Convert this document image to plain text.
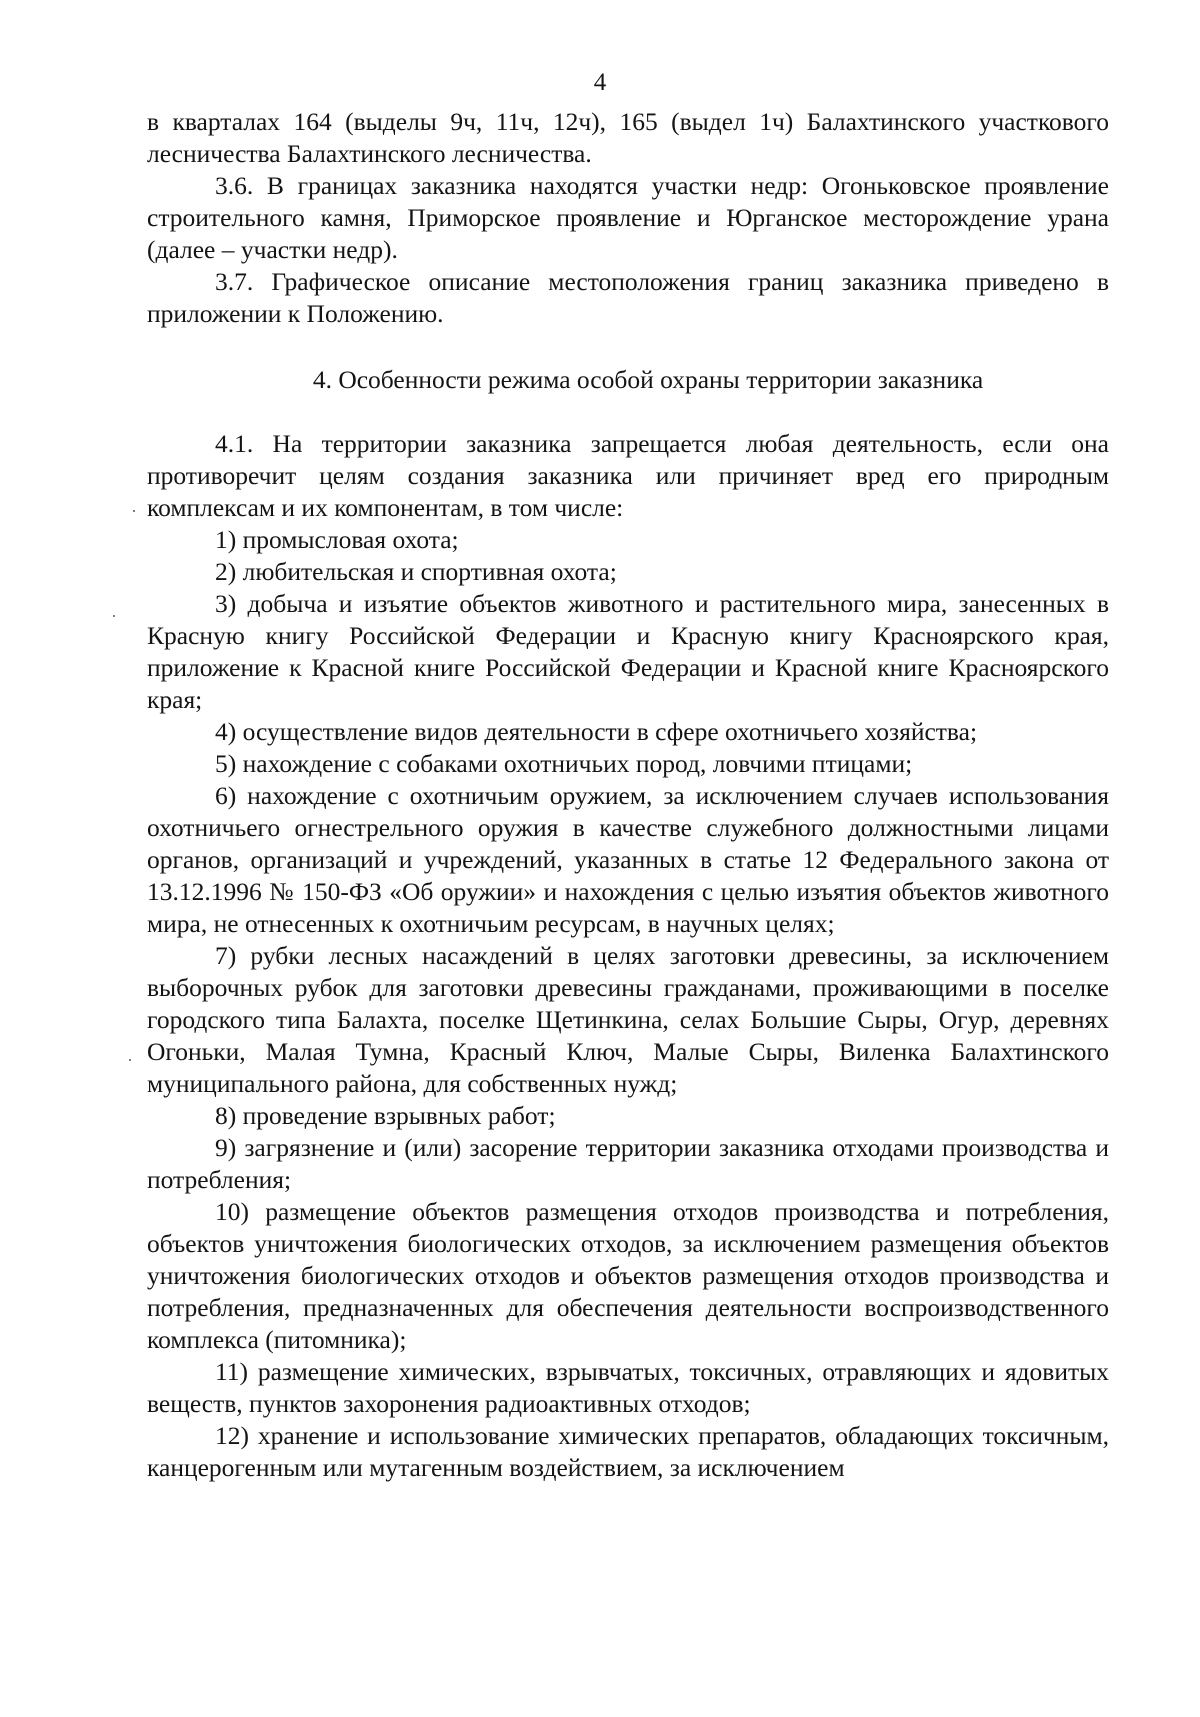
4

в кварталах 164 (выделы 9ч, 11ч, 12ч), 165 (выдел 1ч) Балахтинского участкового лесничества Балахтинского лесничества.

3.6. В границах заказника находятся участки недр: Огоньковское проявление строительного камня, Приморское проявление и Юрганское месторождение урана (далее – участки недр).

3.7. Графическое описание местоположения границ заказника приведено в приложении к Положению.

4. Особенности режима особой охраны территории заказника

4.1. На территории заказника запрещается любая деятельность, если она противоречит целям создания заказника или причиняет вред его природным комплексам и их компонентам, в том числе:

1) промысловая охота;

2) любительская и спортивная охота;

3) добыча и изъятие объектов животного и растительного мира, занесенных в Красную книгу Российской Федерации и Красную книгу Красноярского края, приложение к Красной книге Российской Федерации и Красной книге Красноярского края;

4) осуществление видов деятельности в сфере охотничьего хозяйства;

5) нахождение с собаками охотничьих пород, ловчими птицами;

6) нахождение с охотничьим оружием, за исключением случаев использования охотничьего огнестрельного оружия в качестве служебного должностными лицами органов, организаций и учреждений, указанных в статье 12 Федерального закона от 13.12.1996 № 150-ФЗ «Об оружии» и нахождения с целью изъятия объектов животного мира, не отнесенных к охотничьим ресурсам, в научных целях;

7) рубки лесных насаждений в целях заготовки древесины, за исключением выборочных рубок для заготовки древесины гражданами, проживающими в поселке городского типа Балахта, поселке Щетинкина, селах Большие Сыры, Огур, деревнях Огоньки, Малая Тумна, Красный Ключ, Малые Сыры, Виленка Балахтинского муниципального района, для собственных нужд;

8) проведение взрывных работ;

9) загрязнение и (или) засорение территории заказника отходами производства и потребления;

10) размещение объектов размещения отходов производства и потребления, объектов уничтожения биологических отходов, за исключением размещения объектов уничтожения биологических отходов и объектов размещения отходов производства и потребления, предназначенных для обеспечения деятельности воспроизводственного комплекса (питомника);

11) размещение химических, взрывчатых, токсичных, отравляющих и ядовитых веществ, пунктов захоронения радиоактивных отходов;

12) хранение и использование химических препаратов, обладающих токсичным, канцерогенным или мутагенным воздействием, за исключением
